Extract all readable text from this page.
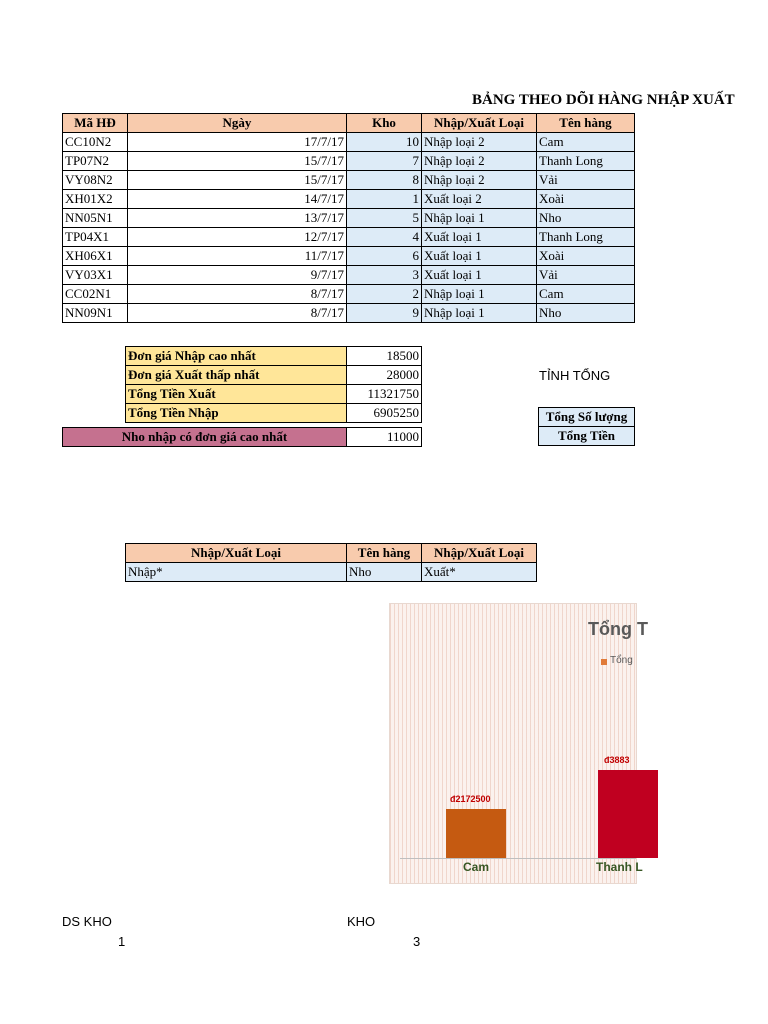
BẢNG THEO DÕI HÀNG NHẬP XUẤT
Mã HĐ	Ngày	Kho	Nhập/Xuất Loại	Tên hàng
CC10N2	17/7/17	10	Nhập loại 2	Cam
TP07N2	15/7/17	7	Nhập loại 2	Thanh Long
VY08N2	15/7/17	8	Nhập loại 2	Vải
XH01X2	14/7/17	1	Xuất loại 2	Xoài
NN05N1	13/7/17	5	Nhập loại 1	Nho
TP04X1	12/7/17	4	Xuất loại 1	Thanh Long
XH06X1	11/7/17	6	Xuất loại 1	Xoài
VY03X1	9/7/17	3	Xuất loại 1	Vải
CC02N1	8/7/17	2	Nhập loại 1	Cam
NN09N1	8/7/17	9	Nhập loại 1	Nho
Đơn giá Nhập cao nhất	18500
Đơn giá Xuất thấp nhất	28000
Tổng Tiền Xuất	11321750
Tổng Tiền Nhập	6905250
Nho nhập có đơn giá cao nhất	11000
TỈNH TỔNG
Tổng Số lượng
Tổng Tiền
Nhập/Xuất Loại	Tên hàng	Nhập/Xuất Loại
Nhập*	Nho	Xuất*
Tổng T
Tổng
đ2172500
Cam
đ3883
Thanh L
DS KHO
1
KHO
3
